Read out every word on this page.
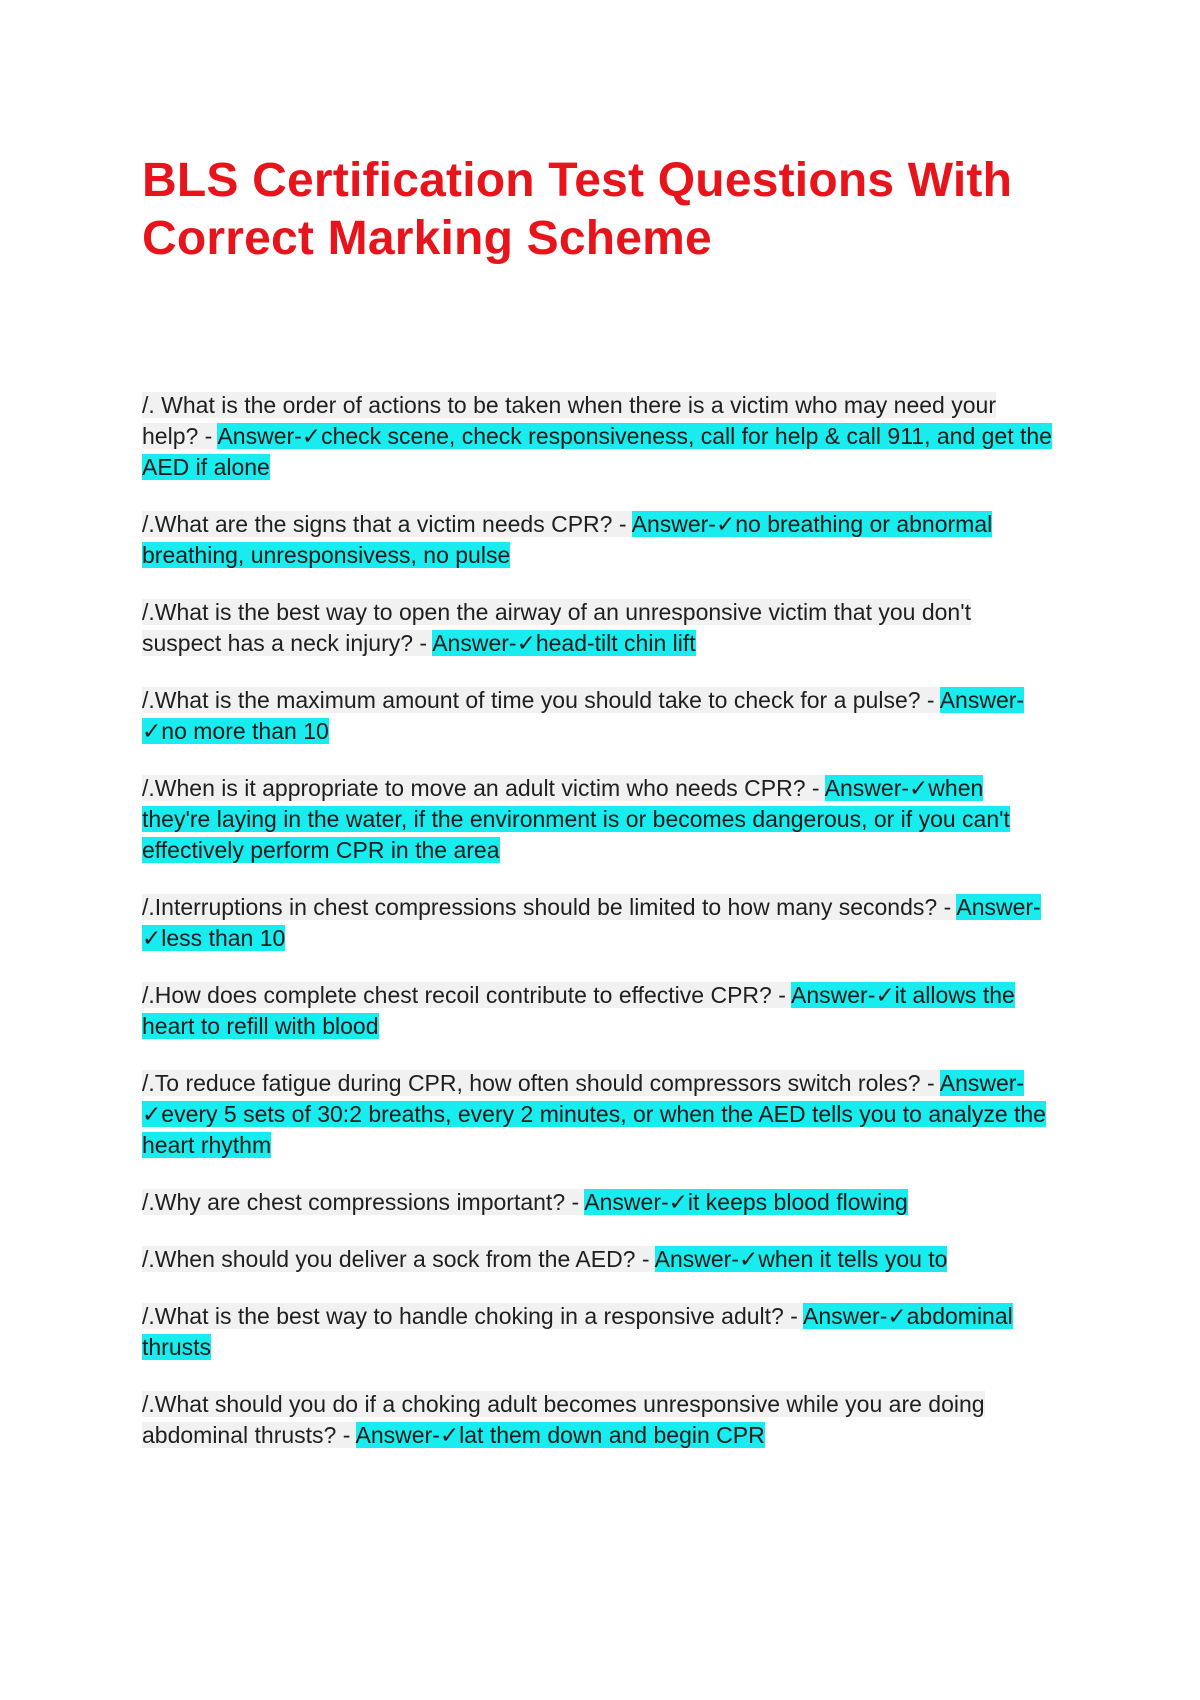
BLS Certification Test Questions With Correct Marking Scheme

/. What is the order of actions to be taken when there is a victim who may need your help? - Answer-✓check scene, check responsiveness, call for help & call 911, and get the AED if alone

/.What are the signs that a victim needs CPR? - Answer-✓no breathing or abnormal breathing, unresponsivess, no pulse

/.What is the best way to open the airway of an unresponsive victim that you don't suspect has a neck injury? - Answer-✓head-tilt chin lift

/.What is the maximum amount of time you should take to check for a pulse? - Answer-✓no more than 10

/.When is it appropriate to move an adult victim who needs CPR? - Answer-✓when they're laying in the water, if the environment is or becomes dangerous, or if you can't effectively perform CPR in the area

/.Interruptions in chest compressions should be limited to how many seconds? - Answer-✓less than 10

/.How does complete chest recoil contribute to effective CPR? - Answer-✓it allows the heart to refill with blood

/.To reduce fatigue during CPR, how often should compressors switch roles? - Answer-✓every 5 sets of 30:2 breaths, every 2 minutes, or when the AED tells you to analyze the heart rhythm

/.Why are chest compressions important? - Answer-✓it keeps blood flowing

/.When should you deliver a sock from the AED? - Answer-✓when it tells you to

/.What is the best way to handle choking in a responsive adult? - Answer-✓abdominal thrusts

/.What should you do if a choking adult becomes unresponsive while you are doing abdominal thrusts? - Answer-✓lat them down and begin CPR
